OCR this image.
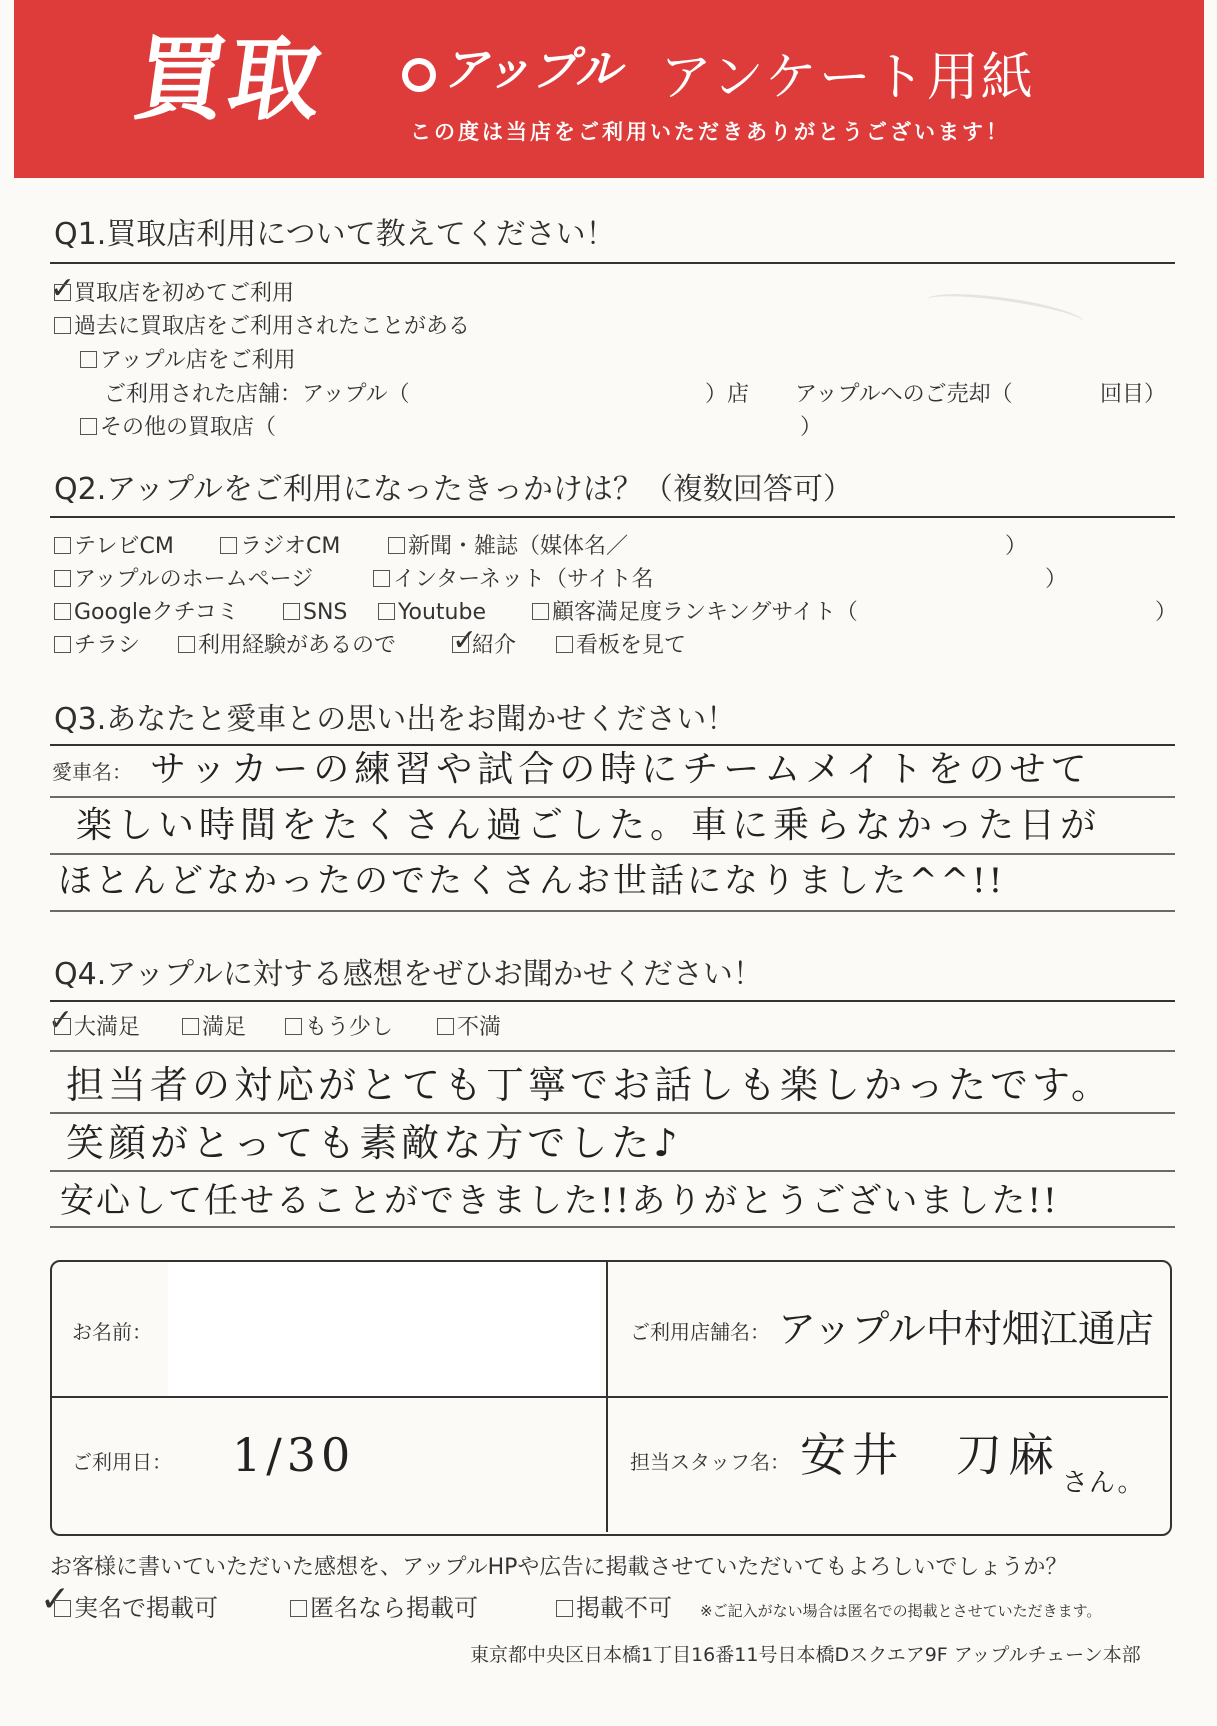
買取 アップル アンケート用紙
この度は当店をご利用いただきありがとうございます！
Q1.買取店利用について教えてください！
✓
買取店を初めてご利用
過去に買取店をご利用されたことがある
アップル店をご利用
ご利用された店舗：アップル（	）店 アップルへのご売却（	回目）
その他の買取店（	）
Q2.アップルをご利用になったきっかけは？（複数回答可）
テレビCM	ラジオCM	新聞・雑誌（媒体名／	）
アップルのホームページ	インターネット（サイト名	）
Googleクチコミ	SNS	Youtube	顧客満足度ランキングサイト（	）
チラシ	利用経験があるので ✓
紹介	看板を見て
Q3.あなたと愛車との思い出をお聞かせください！
愛車名： サッカーの練習や試合の時にチームメイトをのせて
楽しい時間をたくさん過ごした。車に乗らなかった日が
ほとんどなかったのでたくさんお世話になりました^^!!
Q4.アップルに対する感想をぜひお聞かせください！
✓ 大満足	満足	もう少し	不満
担当者の対応がとても丁寧でお話しも楽しかったです。
笑顔がとっても素敵な方でした♪
安心して任せることができました!!ありがとうございました!!
お名前：	ご利用店舗名： アップル中村畑江通店
ご利用日： 1/30	担当スタッフ名： 安井　刀麻
さん。
お客様に書いていただいた感想を、アップルHPや広告に掲載させていただいてもよろしいでしょうか？
✓ 実名で掲載可	匿名なら掲載可	掲載不可 ※ご記入がない場合は匿名での掲載とさせていただきます。
東京都中央区日本橋1丁目16番11号日本橋Dスクエア9F アップルチェーン本部
